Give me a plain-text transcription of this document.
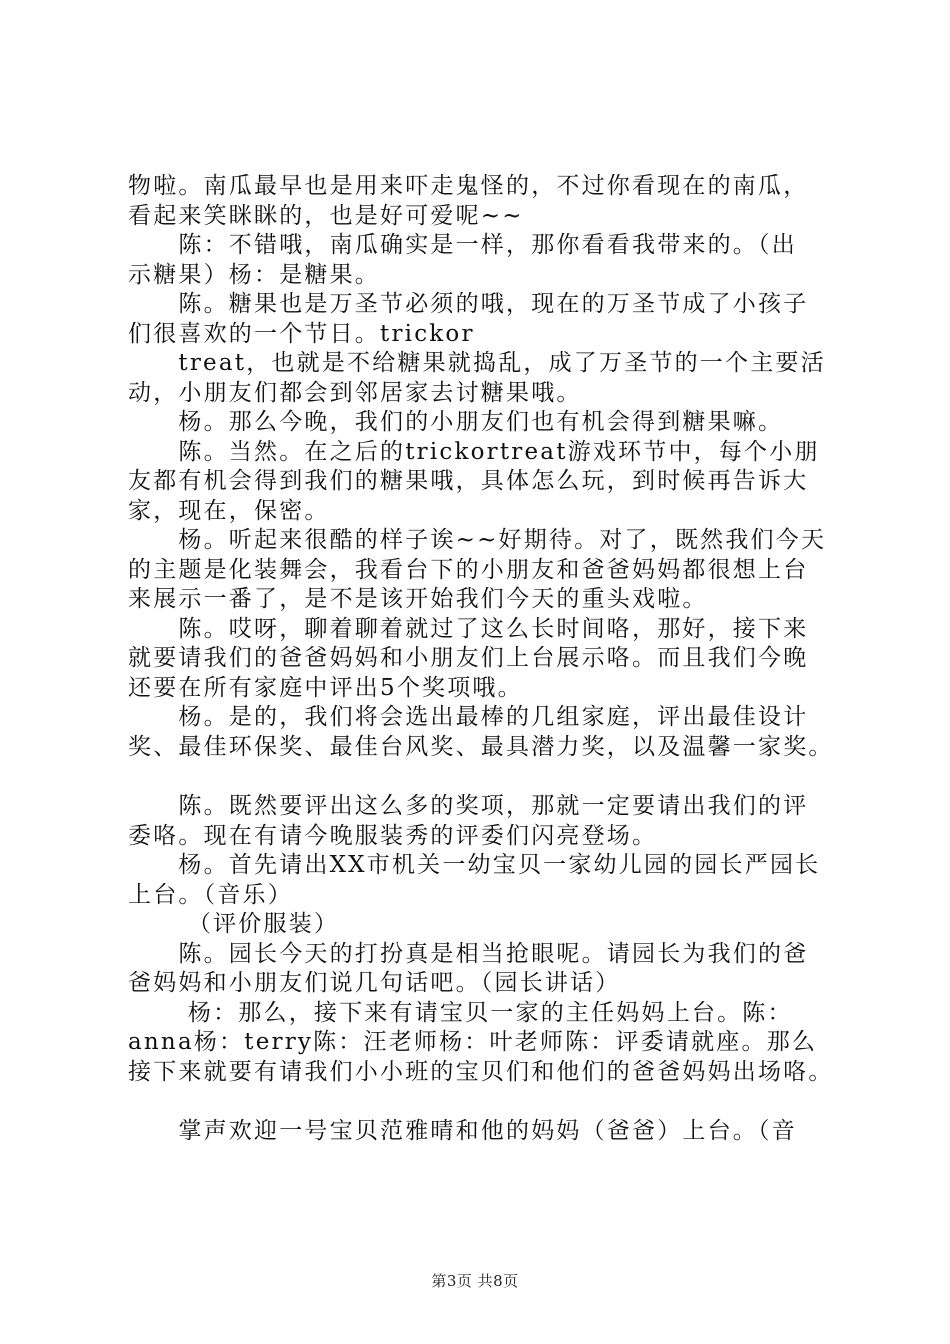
物啦。南瓜最早也是用来吓走鬼怪的，不过你看现在的南瓜，
看起来笑眯眯的，也是好可爱呢~~
　　陈：不错哦，南瓜确实是一样，那你看看我带来的。（出
示糖果）杨：是糖果。
　　陈。糖果也是万圣节必须的哦，现在的万圣节成了小孩子
们很喜欢的一个节日。trickor
　　treat，也就是不给糖果就捣乱，成了万圣节的一个主要活
动，小朋友们都会到邻居家去讨糖果哦。
　　杨。那么今晚，我们的小朋友们也有机会得到糖果嘛。
　　陈。当然。在之后的trickortreat游戏环节中，每个小朋
友都有机会得到我们的糖果哦，具体怎么玩，到时候再告诉大
家，现在，保密。
　　杨。听起来很酷的样子诶~~好期待。对了，既然我们今天
的主题是化装舞会，我看台下的小朋友和爸爸妈妈都很想上台
来展示一番了，是不是该开始我们今天的重头戏啦。
　　陈。哎呀，聊着聊着就过了这么长时间咯，那好，接下来
就要请我们的爸爸妈妈和小朋友们上台展示咯。而且我们今晚
还要在所有家庭中评出5个奖项哦。
　　杨。是的，我们将会选出最棒的几组家庭，评出最佳设计
奖、最佳环保奖、最佳台风奖、最具潜力奖，以及温馨一家奖。
　　陈。既然要评出这么多的奖项，那就一定要请出我们的评
委咯。现在有请今晚服装秀的评委们闪亮登场。
　　杨。首先请出XX市机关一幼宝贝一家幼儿园的园长严园长
上台。（音乐）
　　 （评价服装）
　　陈。园长今天的打扮真是相当抢眼呢。请园长为我们的爸
爸妈妈和小朋友们说几句话吧。（园长讲话）
　　 杨：那么，接下来有请宝贝一家的主任妈妈上台。陈：
anna杨：terry陈：汪老师杨：叶老师陈：评委请就座。那么
接下来就要有请我们小小班的宝贝们和他们的爸爸妈妈出场咯。
　　掌声欢迎一号宝贝范雅晴和他的妈妈（爸爸）上台。（音
第3页 共8页
